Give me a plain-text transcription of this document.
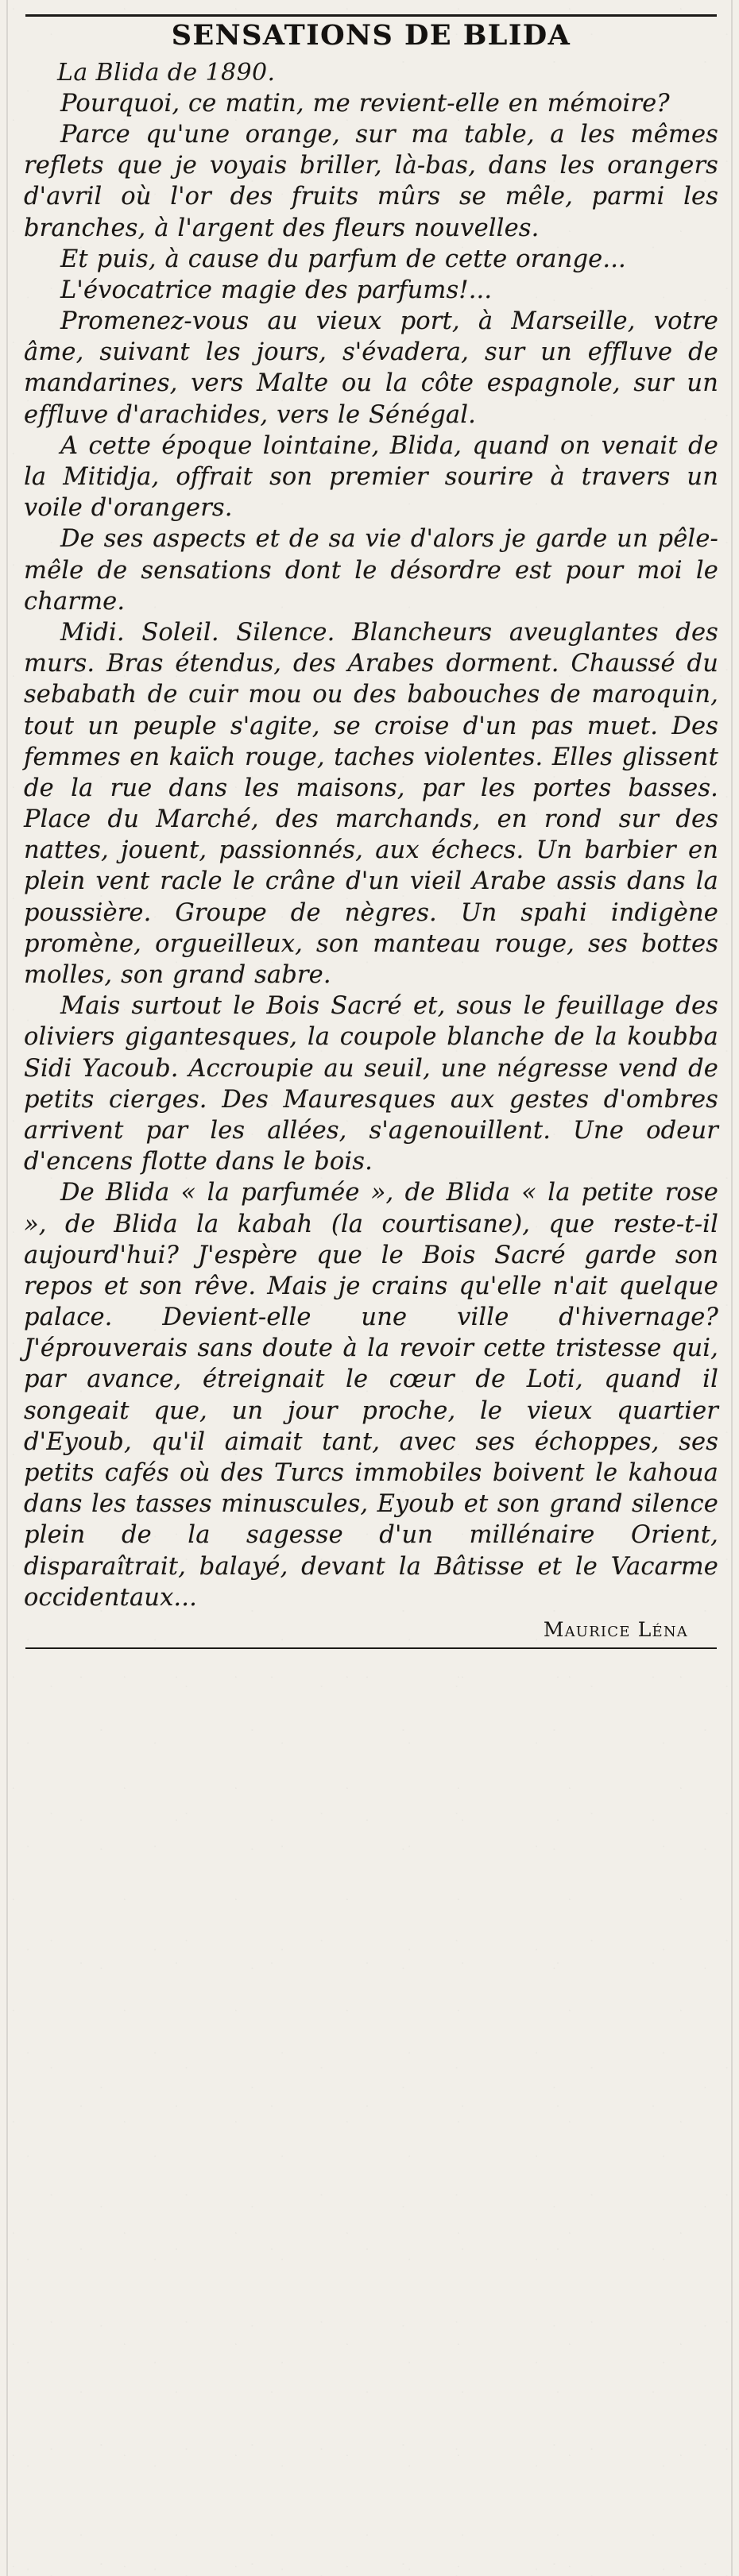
SENSATIONS DE BLIDA
La Blida de 1890.

Pourquoi, ce matin, me revient-elle en mémoire?

Parce qu'une orange, sur ma table, a les mêmes reflets que je voyais briller, là-bas, dans les orangers d'avril où l'or des fruits mûrs se mêle, parmi les branches, à l'argent des fleurs nouvelles.

Et puis, à cause du parfum de cette orange...

L'évocatrice magie des parfums!...

Promenez-vous au vieux port, à Marseille, votre âme, suivant les jours, s'évadera, sur un effluve de mandarines, vers Malte ou la côte espagnole, sur un effluve d'arachides, vers le Sénégal.

A cette époque lointaine, Blida, quand on venait de la Mitidja, offrait son premier sourire à travers un voile d'orangers.

De ses aspects et de sa vie d'alors je garde un pêle-mêle de sensations dont le désordre est pour moi le charme.

Midi. Soleil. Silence. Blancheurs aveuglantes des murs. Bras étendus, des Arabes dorment. Chaussé du sebabath de cuir mou ou des babouches de maroquin, tout un peuple s'agite, se croise d'un pas muet. Des femmes en kaïch rouge, taches violentes. Elles glissent de la rue dans les maisons, par les portes basses. Place du Marché, des marchands, en rond sur des nattes, jouent, passionnés, aux échecs. Un barbier en plein vent racle le crâne d'un vieil Arabe assis dans la poussière. Groupe de nègres. Un spahi indigène promène, orgueilleux, son manteau rouge, ses bottes molles, son grand sabre.

Mais surtout le Bois Sacré et, sous le feuillage des oliviers gigantesques, la coupole blanche de la koubba Sidi Yacoub. Accroupie au seuil, une négresse vend de petits cierges. Des Mauresques aux gestes d'ombres arrivent par les allées, s'agenouillent. Une odeur d'encens flotte dans le bois.

De Blida « la parfumée », de Blida « la petite rose », de Blida la kabah (la courtisane), que reste-t-il aujourd'hui? J'espère que le Bois Sacré garde son repos et son rêve. Mais je crains qu'elle n'ait quelque palace. Devient-elle une ville d'hivernage? J'éprouverais sans doute à la revoir cette tristesse qui, par avance, étreignait le cœur de Loti, quand il songeait que, un jour proche, le vieux quartier d'Eyoub, qu'il aimait tant, avec ses échoppes, ses petits cafés où des Turcs immobiles boivent le kahoua dans les tasses minuscules, Eyoub et son grand silence plein de la sagesse d'un millénaire Orient, disparaîtrait, balayé, devant la Bâtisse et le Vacarme occidentaux...

Maurice Léna
